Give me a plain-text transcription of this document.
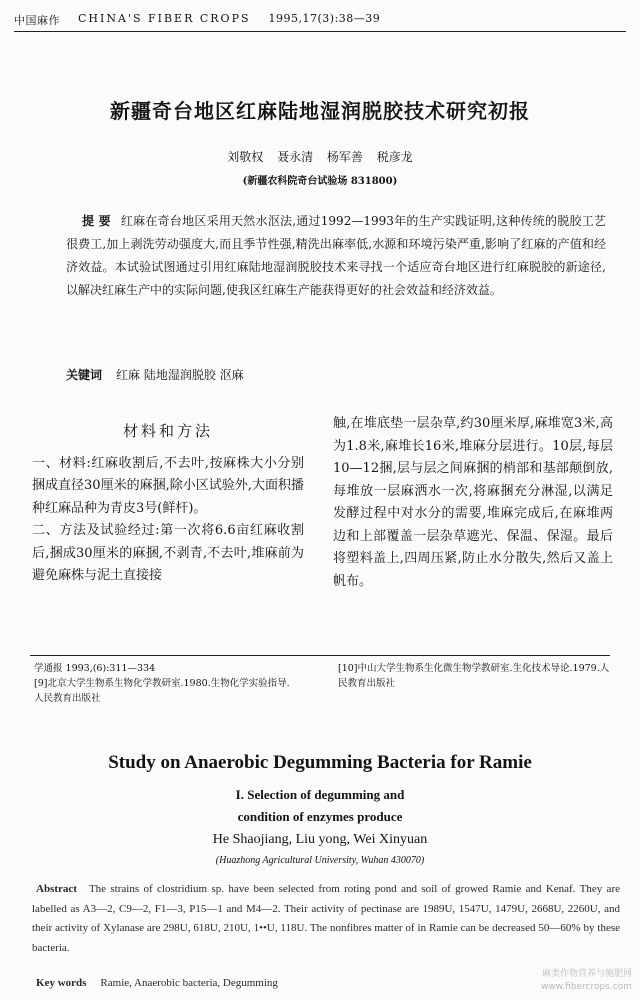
中国麻作 CHINA'S FIBER CROPS 1995,17(3):38—39
新疆奇台地区红麻陆地湿润脱胶技术研究初报
刘敬权 聂永清 杨军善 税彦龙
(新疆农科院奇台试验场 831800)
提 要 红麻在奇台地区采用天然水沤法,通过1992—1993年的生产实践证明,这种传统的脱胶工艺很费工,加上剥洗劳动强度大,而且季节性强,精洗出麻率低,水源和环境污染严重,影响了红麻的产值和经济效益。本试验试图通过引用红麻陆地湿润脱胶技术来寻找一个适应奇台地区进行红麻脱胶的新途径,以解决红麻生产中的实际问题,使我区红麻生产能获得更好的社会效益和经济效益。
关键词 红麻 陆地湿润脱胶 沤麻
材料和方法

一、材料:红麻收割后,不去叶,按麻株大小分别捆成直径30厘米的麻捆,除小区试验外,大面积播种红麻品种为青皮3号(鲜杆)。

二、方法及试验经过:第一次将6.6亩红麻收割后,捆成30厘米的麻捆,不剥青,不去叶,堆麻前为避免麻株与泥土直接接

触,在堆底垫一层杂草,约30厘米厚,麻堆宽3米,高为1.8米,麻堆长16米,堆麻分层进行。10层,每层10—12捆,层与层之间麻捆的梢部和基部颠倒放,每堆放一层麻洒水一次,将麻捆充分淋湿,以满足发酵过程中对水分的需要,堆麻完成后,在麻堆两边和上部覆盖一层杂草遮光、保温、保湿。最后将塑料盖上,四周压紧,防止水分散失,然后又盖上帆布。

学通报 1993,(6):311—334

[9]北京大学生物系生物化学教研室.1980.生物化学实验指导.人民教育出版社

[10]中山大学生物系生化微生物学教研室.生化技术导论.1979.人民教育出版社

Study on Anaerobic Degumming Bacteria for Ramie
I. Selection of degumming and
condition of enzymes produce
He Shaojiang, Liu yong, Wei Xinyuan
(Huazhong Agricultural University, Wuhan 430070)
Abstract The strains of clostridium sp. have been selected from roting pond and soil of growed Ramie and Kenaf. They are labelled as A3—2, C9—2, F1—3, P15—1 and M4—2. Their activity of pectinase are 1989U, 1547U, 1479U, 2668U, 2260U, and their activity of Xylanase are 298U, 618U, 210U, 1••U, 118U. The nonfibres matter of in Ramie can be decreased 50—60% by these bacteria.
Key words Ramie, Anaerobic bacteria, Degumming
麻类作物营养与施肥网
www.fibercrops.com
